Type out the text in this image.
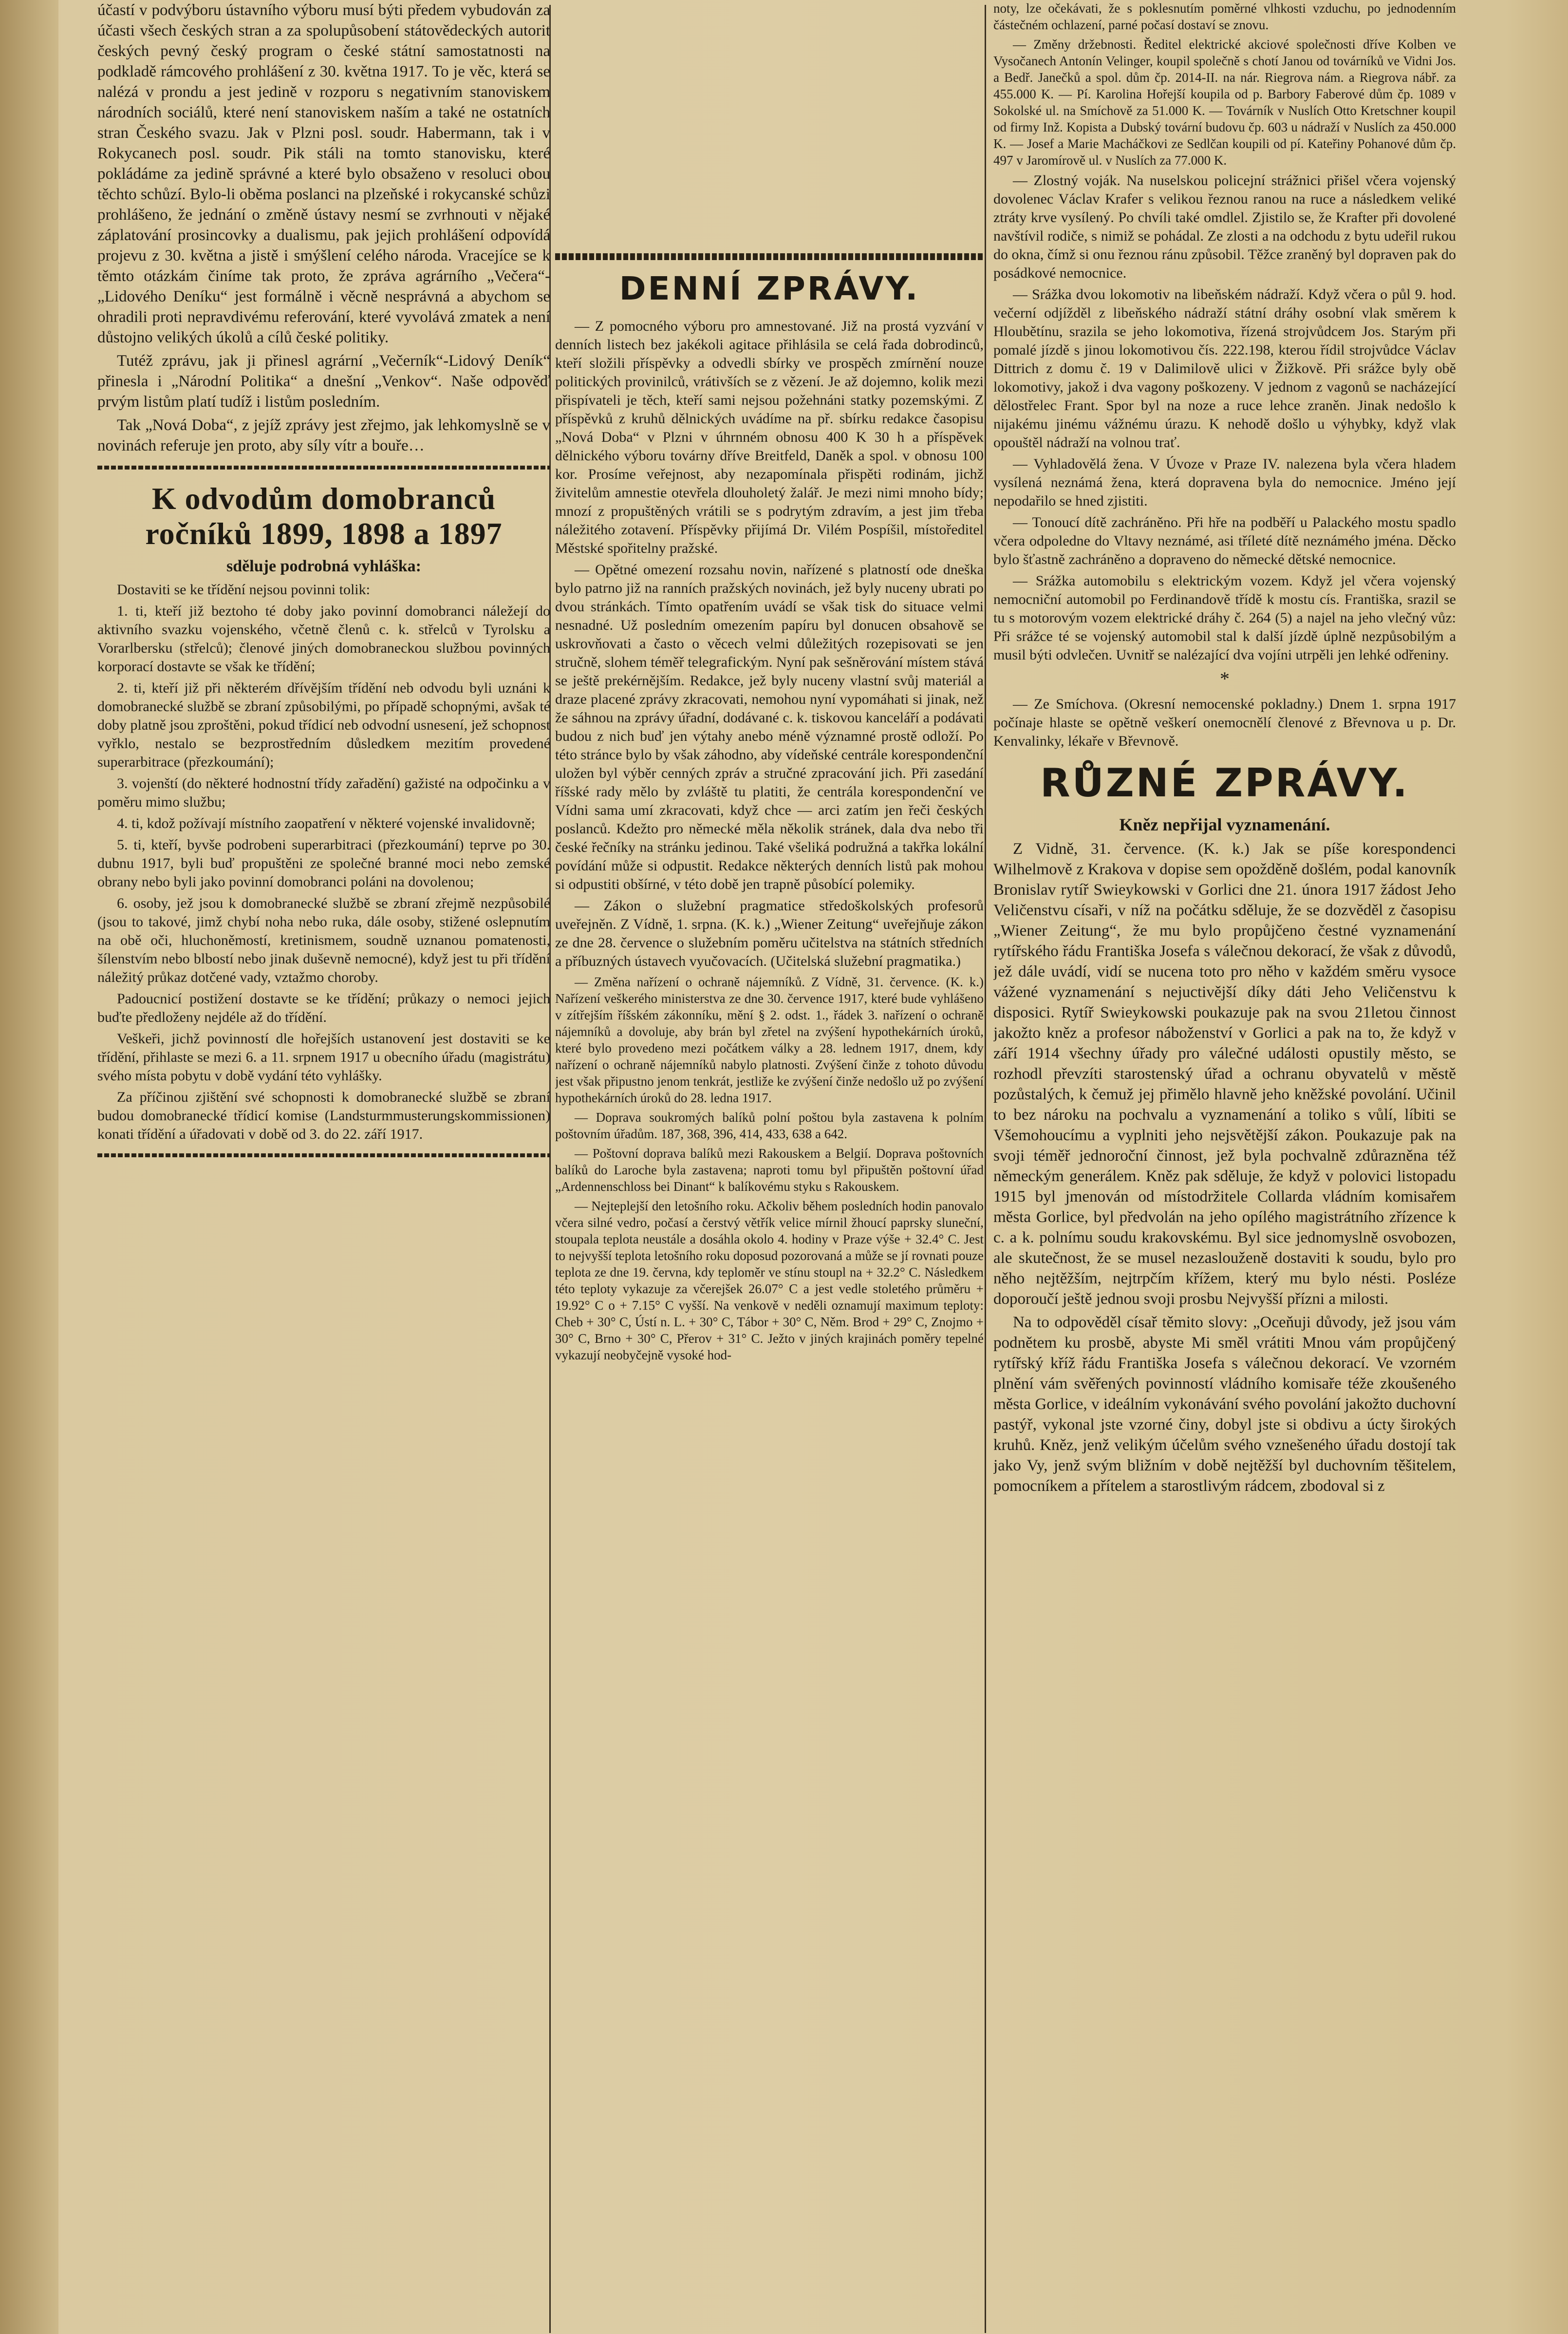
účastí v podvýboru ústavního výboru musí býti předem vybudován za účasti všech českých stran a za spolupůsobení státovědeckých autorit českých pevný český program o české státní samostatnosti na podkladě rámcového prohlášení z 30. května 1917. To je věc, která se nalézá v prondu a jest jedině v rozporu s negativním stanoviskem národních sociálů, které není stanoviskem naším a také ne ostatních stran Českého svazu. Jak v Plzni posl. soudr. Habermann, tak i v Rokycanech posl. soudr. Pik stáli na tomto stanovisku, které pokládáme za jedině správné a které bylo obsaženo v resoluci obou těchto schůzí. Bylo-li oběma poslanci na plzeňské i rokycanské schůzi prohlášeno, že jednání o změně ústavy nesmí se zvrhnouti v nějaké záplatování prosincovky a dualismu, pak jejich prohlášení odpovídá projevu z 30. května a jistě i smýšlení celého národa. Vracejíce se k těmto otázkám činíme tak proto, že zpráva agrárního „Večera“-„Lidového Deníku“ jest formálně i věcně nesprávná a abychom se ohradili proti nepravdivému referování, které vyvolává zmatek a není důstojno velikých úkolů a cílů české politiky.

Tutéž zprávu, jak ji přinesl agrární „Večerník“-Lidový Deník“ přinesla i „Národní Politika“ a dnešní „Venkov“. Naše odpověď prvým listům platí tudíž i listům posledním.

Tak „Nová Doba“, z jejíž zprávy jest zřejmo, jak lehkomyslně se v novinách referuje jen proto, aby síly vítr a bouře…

K odvodům domobranců ročníků 1899, 1898 a 1897
sděluje podrobná vyhláška:

Dostaviti se ke třídění nejsou povinni tolik:

1. ti, kteří již beztoho té doby jako povinní domobranci náležejí do aktivního svazku vojenského, včetně členů c. k. střelců v Tyrolsku a Vorarlbersku (střelců); členové jiných domobraneckou službou povinných korporací dostavte se však ke třídění;

2. ti, kteří již při některém dřívějším třídění neb odvodu byli uznáni k domobranecké službě se zbraní způsobilými, po případě schopnými, avšak té doby platně jsou zproštěni, pokud třídicí neb odvodní usnesení, jež schopnost vyřklo, nestalo se bezprostředním důsledkem mezitím provedené superarbitrace (přezkoumání);

3. vojenští (do některé hodnostní třídy zařadění) gažisté na odpočinku a v poměru mimo službu;

4. ti, kdož požívají místního zaopatření v některé vojenské invalidovně;

5. ti, kteří, byvše podrobeni superarbitraci (přezkoumání) teprve po 30. dubnu 1917, byli buď propuštěni ze společné branné moci nebo zemské obrany nebo byli jako povinní domobranci poláni na dovolenou;

6. osoby, jež jsou k domobranecké službě se zbraní zřejmě nezpůsobilé (jsou to takové, jimž chybí noha nebo ruka, dále osoby, stižené oslepnutím na obě oči, hluchoněmostí, kretinismem, soudně uznanou pomatenosti, šílenstvím nebo blbostí nebo jinak duševně nemocné), když jest tu při třídění náležitý průkaz dotčené vady, vztažmo choroby.

Padoucnicí postižení dostavte se ke třídění; průkazy o nemoci jejich buďte předloženy nejdéle až do třídění.

Veškeři, jichž povinností dle hořejších ustanovení jest dostaviti se ke třídění, přihlaste se mezi 6. a 11. srpnem 1917 u obecního úřadu (magistrátu) svého místa pobytu v době vydání této vyhlášky.

Za příčinou zjištění své schopnosti k domobranecké službě se zbraní budou domobranecké třídicí komise (Landsturmmusterungskommissionen) konati třídění a úřadovati v době od 3. do 22. září 1917.

DENNÍ ZPRÁVY.

— Z pomocného výboru pro amnestované. Již na prostá vyzvání v denních listech bez jakékoli agitace přihlásila se celá řada dobrodinců, kteří složili příspěvky a odvedli sbírky ve prospěch zmírnění nouze politických provinilců, vrátivších se z vězení. Je až dojemno, kolik mezi přispívateli je těch, kteří sami nejsou požehnáni statky pozemskými. Z příspěvků z kruhů dělnických uvádíme na př. sbírku redakce časopisu „Nová Doba“ v Plzni v úhrnném obnosu 400 K 30 h a příspěvek dělnického výboru továrny dříve Breitfeld, Daněk a spol. v obnosu 100 kor. Prosíme veřejnost, aby nezapomínala přispěti rodinám, jichž živitelům amnestie otevřela dlouholetý žalář. Je mezi nimi mnoho bídy; mnozí z propuštěných vrátili se s podrytým zdravím, a jest jim třeba náležitého zotavení. Příspěvky přijímá Dr. Vilém Pospíšil, místoředitel Městské spořitelny pražské.

— Opětné omezení rozsahu novin, nařízené s platností ode dneška bylo patrno již na ranních pražských novinách, jež byly nuceny ubrati po dvou stránkách. Tímto opatřením uvádí se však tisk do situace velmi nesnadné. Už posledním omezením papíru byl donucen obsahově se uskrovňovati a často o věcech velmi důležitých rozepisovati se jen stručně, slohem téměř telegrafickým. Nyní pak sešněrování místem stává se ještě prekérnějším. Redakce, jež byly nuceny vlastní svůj materiál a draze placené zprávy zkracovati, nemohou nyní vypomáhati si jinak, než že sáhnou na zprávy úřadní, dodávané c. k. tiskovou kanceláří a podávati budou z nich buď jen výtahy anebo méně významné prostě odloží. Po této stránce bylo by však záhodno, aby vídeňské centrále korespondenční uložen byl výběr cenných zpráv a stručné zpracování jich. Při zasedání říšské rady mělo by zvláště tu platiti, že centrála korespondenční ve Vídni sama umí zkracovati, když chce — arci zatím jen řeči českých poslanců. Kdežto pro německé měla několik stránek, dala dva nebo tři české řečníky na stránku jedinou. Také všeliká podružná a takřka lokální povídání může si odpustit. Redakce některých denních listů pak mohou si odpustiti obšírné, v této době jen trapně působící polemiky.

— Zákon o služební pragmatice středoškolských profesorů uveřejněn. Z Vídně, 1. srpna. (K. k.) „Wiener Zeitung“ uveřejňuje zákon ze dne 28. července o služebním poměru učitelstva na státních středních a příbuzných ústavech vyučovacích. (Učitelská služební pragmatika.)

— Změna nařízení o ochraně nájemníků. Z Vídně, 31. července. (K. k.) Nařízení veškerého ministerstva ze dne 30. července 1917, které bude vyhlášeno v zítřejším říšském zákonníku, mění § 2. odst. 1., řádek 3. nařízení o ochraně nájemníků a dovoluje, aby brán byl zřetel na zvýšení hypothekárních úroků, které bylo provedeno mezi počátkem války a 28. lednem 1917, dnem, kdy nařízení o ochraně nájemníků nabylo platnosti. Zvýšení činže z tohoto důvodu jest však připustno jenom tenkrát, jestliže ke zvýšení činže nedošlo už po zvýšení hypothekárních úroků do 28. ledna 1917.

— Doprava soukromých balíků polní poštou byla zastavena k polním poštovním úřadům. 187, 368, 396, 414, 433, 638 a 642.

— Poštovní doprava balíků mezi Rakouskem a Belgií. Doprava poštovních balíků do Laroche byla zastavena; naproti tomu byl připuštěn poštovní úřad „Ardennenschloss bei Dinant“ k balíkovému styku s Rakouskem.

— Nejteplejší den letošního roku. Ačkoliv během posledních hodin panovalo včera silné vedro, počasí a čerstvý větřík velice mírnil žhoucí paprsky sluneční, stoupala teplota neustále a dosáhla okolo 4. hodiny v Praze výše + 32.4° C. Jest to nejvyšší teplota letošního roku doposud pozorovaná a může se jí rovnati pouze teplota ze dne 19. června, kdy teploměr ve stínu stoupl na + 32.2° C. Následkem této teploty vykazuje za včerejšek 26.07° C a jest vedle stoletého průměru + 19.92° C o + 7.15° C vyšší. Na venkově v neděli oznamují maximum teploty: Cheb + 30° C, Ústí n. L. + 30° C, Tábor + 30° C, Něm. Brod + 29° C, Znojmo + 30° C, Brno + 30° C, Přerov + 31° C. Ježto v jiných krajinách poměry tepelné vykazují neobyčejně vysoké hod-

noty, lze očekávati, že s poklesnutím poměrné vlhkosti vzduchu, po jednodenním částečném ochlazení, parné počasí dostaví se znovu.

— Změny držebnosti. Ředitel elektrické akciové společnosti dříve Kolben ve Vysočanech Antonín Velinger, koupil společně s chotí Janou od továrníků ve Vidni Jos. a Bedř. Janečků a spol. dům čp. 2014-II. na nár. Riegrova nám. a Riegrova nábř. za 455.000 K. — Pí. Karolina Hořejší koupila od p. Barbory Faberové dům čp. 1089 v Sokolské ul. na Smíchově za 51.000 K. — Továrník v Nuslích Otto Kretschner koupil od firmy Inž. Kopista a Dubský tovární budovu čp. 603 u nádraží v Nuslích za 450.000 K. — Josef a Marie Macháčkovi ze Sedlčan koupili od pí. Kateřiny Pohanové dům čp. 497 v Jaromírově ul. v Nuslích za 77.000 K.

— Zlostný voják. Na nuselskou policejní strážnici přišel včera vojenský dovolenec Václav Krafer s velikou řeznou ranou na ruce a následkem veliké ztráty krve vysílený. Po chvíli také omdlel. Zjistilo se, že Krafter při dovolené navštívil rodiče, s nimiž se pohádal. Ze zlosti a na odchodu z bytu udeřil rukou do okna, čímž si onu řeznou ránu způsobil. Těžce zraněný byl dopraven pak do posádkové nemocnice.

— Srážka dvou lokomotiv na libeňském nádraží. Když včera o půl 9. hod. večerní odjížděl z libeňského nádraží státní dráhy osobní vlak směrem k Hloubětínu, srazila se jeho lokomotiva, řízená strojvůdcem Jos. Starým při pomalé jízdě s jinou lokomotivou čís. 222.198, kterou řídil strojvůdce Václav Dittrich z domu č. 19 v Dalimilově ulici v Žižkově. Při srážce byly obě lokomotivy, jakož i dva vagony poškozeny. V jednom z vagonů se nacházející dělostřelec Frant. Spor byl na noze a ruce lehce zraněn. Jinak nedošlo k nijakému jinému vážnému úrazu. K nehodě došlo u výhybky, když vlak opouštěl nádraží na volnou trať.

— Vyhladovělá žena. V Úvoze v Praze IV. nalezena byla včera hladem vysílená neznámá žena, která dopravena byla do nemocnice. Jméno její nepodařilo se hned zjistiti.

— Tonoucí dítě zachráněno. Při hře na podběří u Palackého mostu spadlo včera odpoledne do Vltavy neznámé, asi tříleté dítě neznámého jména. Děcko bylo šťastně zachráněno a dopraveno do německé dětské nemocnice.

— Srážka automobilu s elektrickým vozem. Když jel včera vojenský nemocniční automobil po Ferdinandově třídě k mostu cís. Františka, srazil se tu s motorovým vozem elektrické dráhy č. 264 (5) a najel na jeho vlečný vůz: Při srážce té se vojenský automobil stal k další jízdě úplně nezpůsobilým a musil býti odvlečen. Uvnitř se nalézající dva vojíni utrpěli jen lehké odřeniny.

*

— Ze Smíchova. (Okresní nemocenské pokladny.) Dnem 1. srpna 1917 počínaje hlaste se opětně veškerí onemocnělí členové z Břevnova u p. Dr. Kenvalinky, lékaře v Břevnově.

RŮZNÉ ZPRÁVY.
Kněz nepřijal vyznamenání.

Z Vidně, 31. července. (K. k.) Jak se píše korespondenci Wilhelmově z Krakova v dopise sem opožděně došlém, podal kanovník Bronislav rytíř Swieykowski v Gorlici dne 21. února 1917 žádost Jeho Veličenstvu císaři, v níž na počátku sděluje, že se dozvěděl z časopisu „Wiener Zeitung“, že mu bylo propůjčeno čestné vyznamenání rytířského řádu Františka Josefa s válečnou dekorací, že však z důvodů, jež dále uvádí, vidí se nucena toto pro něho v každém směru vysoce vážené vyznamenání s nejuctivější díky dáti Jeho Veličenstvu k disposici. Rytíř Swieykowski poukazuje pak na svou 21letou činnost jakožto kněz a profesor náboženství v Gorlici a pak na to, že když v září 1914 všechny úřady pro válečné události opustily město, se rozhodl převzíti starostenský úřad a ochranu obyvatelů v městě pozůstalých, k čemuž jej přimělo hlavně jeho kněžské povolání. Učinil to bez nároku na pochvalu a vyznamenání a toliko s vůlí, líbiti se Všemohoucímu a vyplniti jeho nejsvětější zákon. Poukazuje pak na svoji téměř jednoroční činnost, jež byla pochvalně zdůrazněna též německým generálem. Kněz pak sděluje, že když v polovici listopadu 1915 byl jmenován od místodržitele Collarda vládním komisařem města Gorlice, byl předvolán na jeho opílého magistrátního zřízence k c. a k. polnímu soudu krakovskému. Byl sice jednomyslně osvobozen, ale skutečnost, že se musel nezaslouženě dostaviti k soudu, bylo pro něho nejtěžším, nejtrpčím křížem, který mu bylo nésti. Posléze doporoučí ještě jednou svoji prosbu Nejvyšší přízni a milosti.

Na to odpověděl císař těmito slovy: „Oceňuji důvody, jež jsou vám podnětem ku prosbě, abyste Mi směl vrátiti Mnou vám propůjčený rytířský kříž řádu Františka Josefa s válečnou dekorací. Ve vzorném plnění vám svěřených povinností vládního komisaře téže zkoušeného města Gorlice, v ideálním vykonávání svého povolání jakožto duchovní pastýř, vykonal jste vzorné činy, dobyl jste si obdivu a úcty širokých kruhů. Kněz, jenž velikým účelům svého vznešeného úřadu dostojí tak jako Vy, jenž svým bližním v době nejtěžší byl duchovním těšitelem, pomocníkem a přítelem a starostlivým rádcem, zbodoval si z
